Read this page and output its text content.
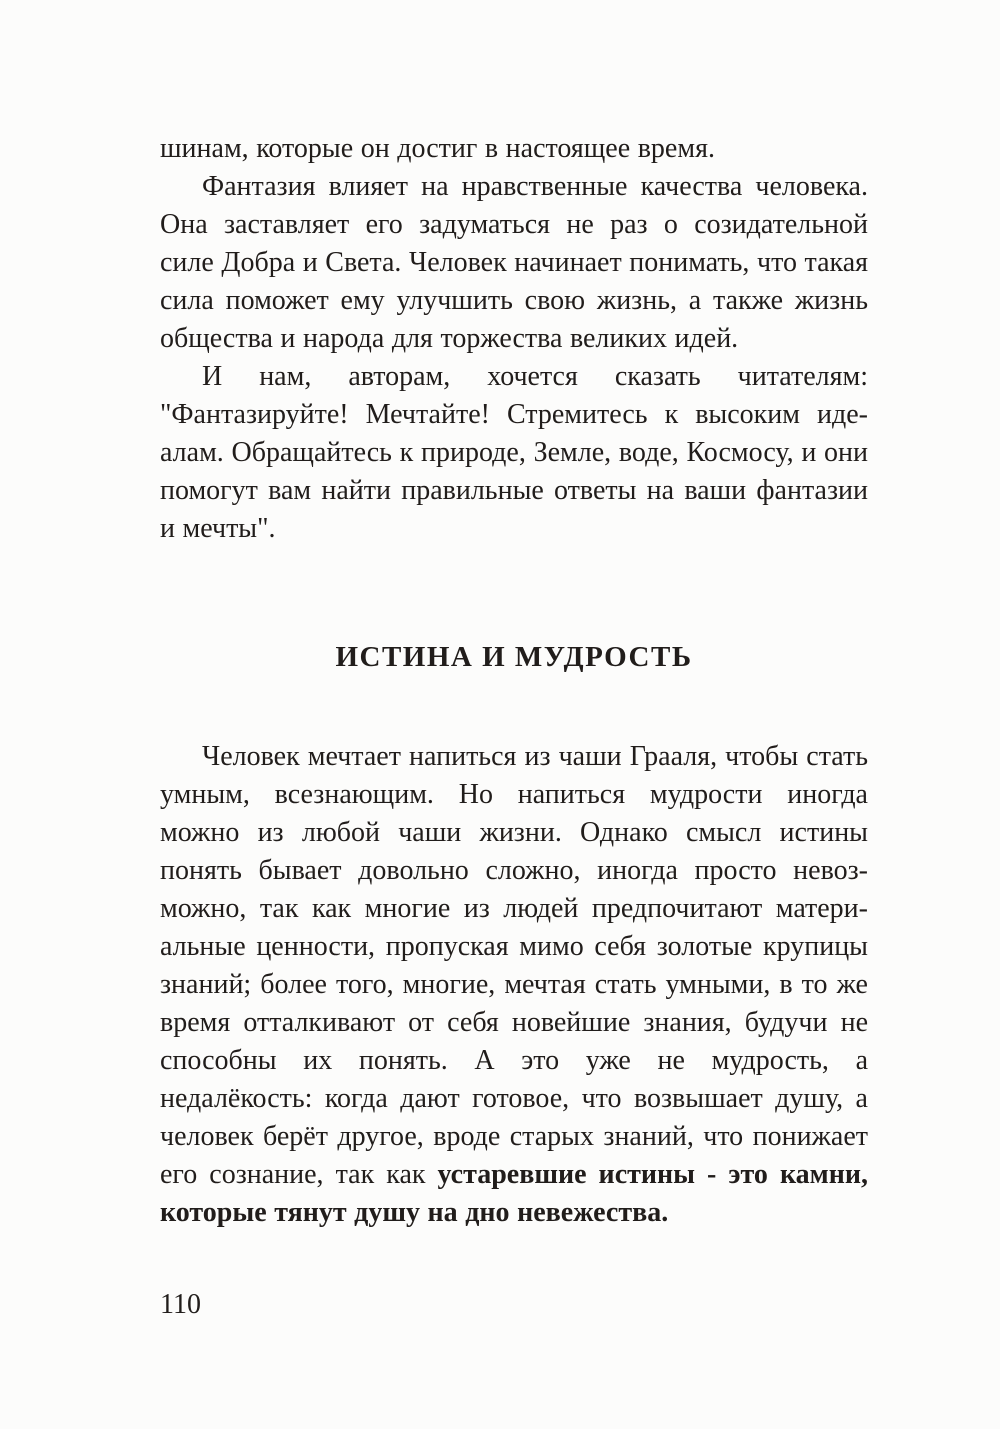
шинам, которые он достиг в настоящее время.

Фантазия влияет на нравственные качества человека. Она заставляет его задуматься не раз о созидательной силе Добра и Света. Человек начинает понимать, что такая сила поможет ему улучшить свою жизнь, а также жизнь общества и народа для торжества великих идей.

И нам, авторам, хочется сказать читателям: "Фантазируйте! Мечтайте! Стремитесь к высоким идеалам. Обращайтесь к природе, Земле, воде, Космосу, и они помогут вам найти правильные ответы на ваши фантазии и мечты".

ИСТИНА И МУДРОСТЬ

Человек мечтает напиться из чаши Грааля, чтобы стать умным, всезнающим. Но напиться мудрости иногда можно из любой чаши жизни. Однако смысл истины понять бывает довольно сложно, иногда просто невозможно, так как многие из людей предпочитают материальные ценности, пропуская мимо себя золотые крупицы знаний; более того, многие, мечтая стать умными, в то же время отталкивают от себя новейшие знания, будучи не способны их понять. А это уже не мудрость, а недалёкость: когда дают готовое, что возвышает душу, а человек берёт другое, вроде старых знаний, что понижает его сознание, так как устаревшие истины - это камни, которые тянут душу на дно невежества.

110
